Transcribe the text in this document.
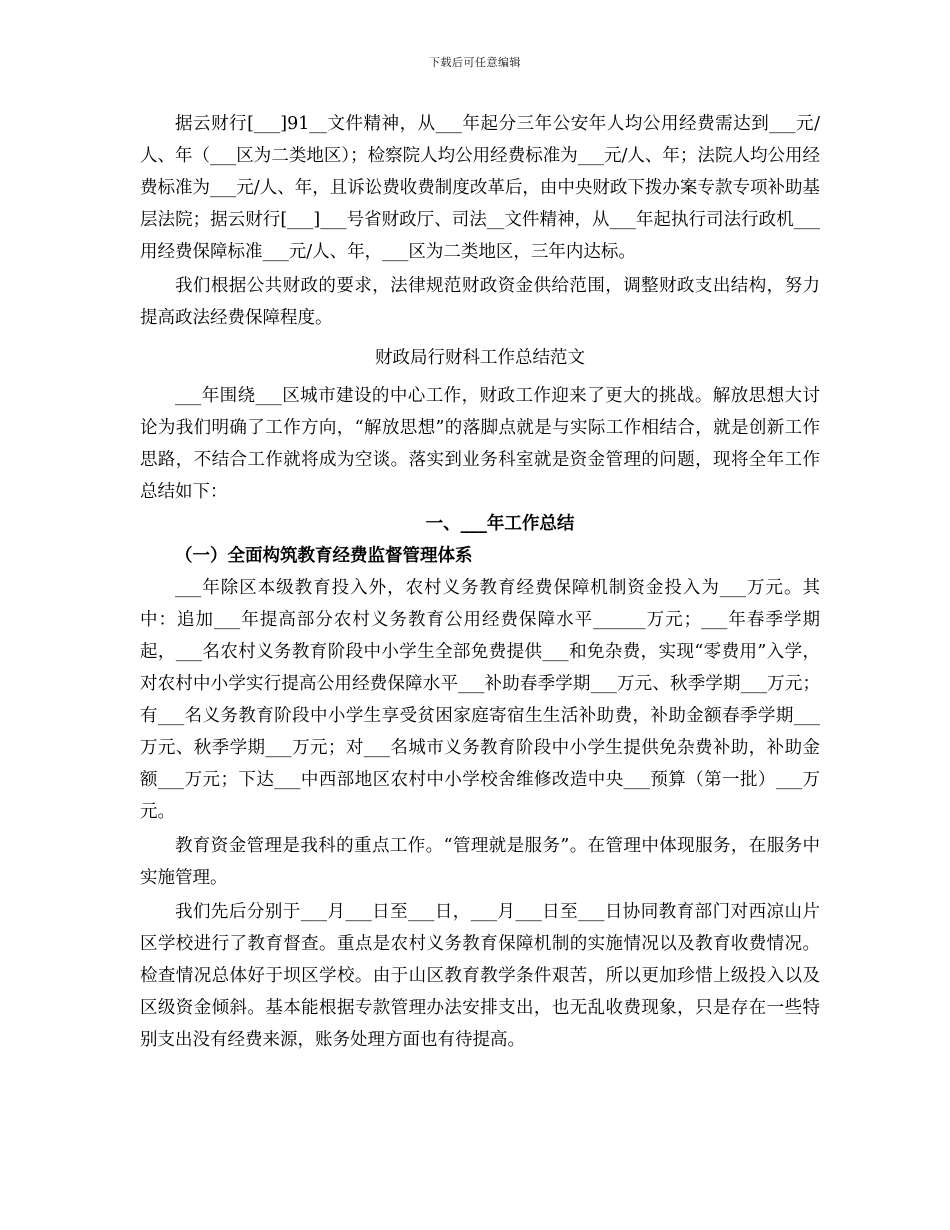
下载后可任意编辑

据云财行[___]91__文件精神，从___年起分三年公安年人均公用经费需达到___元/人、年（___区为二类地区）；检察院人均公用经费标准为___元/人、年；法院人均公用经费标准为___元/人、年，且诉讼费收费制度改革后，由中央财政下拨办案专款专项补助基层法院；据云财行[___]___号省财政厅、司法__文件精神，从___年起执行司法行政机___用经费保障标准___元/人、年，___区为二类地区，三年内达标。

我们根据公共财政的要求，法律规范财政资金供给范围，调整财政支出结构，努力提高政法经费保障程度。

财政局行财科工作总结范文

___年围绕___区城市建设的中心工作，财政工作迎来了更大的挑战。解放思想大讨论为我们明确了工作方向，“解放思想”的落脚点就是与实际工作相结合，就是创新工作思路，不结合工作就将成为空谈。落实到业务科室就是资金管理的问题，现将全年工作总结如下：

一、___年工作总结

（一）全面构筑教育经费监督管理体系

___年除区本级教育投入外，农村义务教育经费保障机制资金投入为___万元。其中：追加___年提高部分农村义务教育公用经费保障水平______万元；___年春季学期起，___名农村义务教育阶段中小学生全部免费提供___和免杂费，实现“零费用”入学，对农村中小学实行提高公用经费保障水平___补助春季学期___万元、秋季学期___万元；有___名义务教育阶段中小学生享受贫困家庭寄宿生生活补助费，补助金额春季学期___万元、秋季学期___万元；对___名城市义务教育阶段中小学生提供免杂费补助，补助金额___万元；下达___中西部地区农村中小学校舍维修改造中央___预算（第一批）___万元。

教育资金管理是我科的重点工作。“管理就是服务”。在管理中体现服务，在服务中实施管理。

我们先后分别于___月___日至___日，___月___日至___日协同教育部门对西凉山片区学校进行了教育督查。重点是农村义务教育保障机制的实施情况以及教育收费情况。检查情况总体好于坝区学校。由于山区教育教学条件艰苦，所以更加珍惜上级投入以及区级资金倾斜。基本能根据专款管理办法安排支出，也无乱收费现象，只是存在一些特别支出没有经费来源，账务处理方面也有待提高。
